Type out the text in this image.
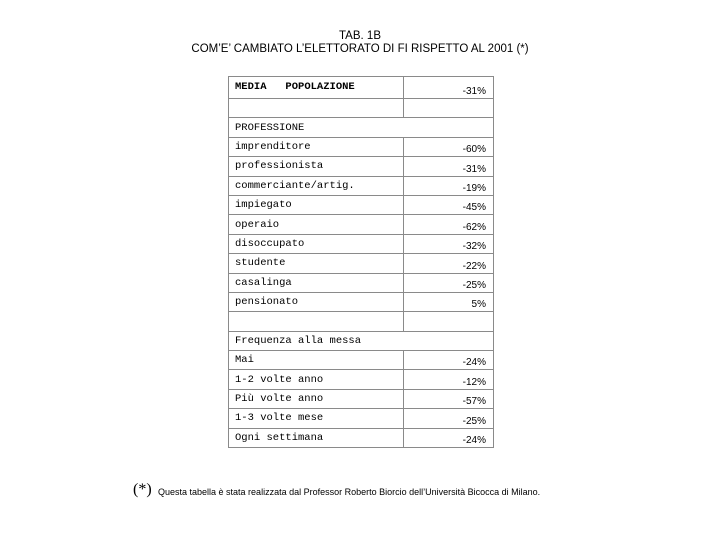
TAB. 1B
COM’E’ CAMBIATO L’ELETTORATO DI FI RISPETTO AL 2001 (*)
MEDIA POPOLAZIONE	-31%

PROFESSIONE	
imprenditore	-60%
professionista	-31%
commerciante/artig.	-19%
impiegato	-45%
operaio	-62%
disoccupato	-32%
studente	-22%
casalinga	-25%
pensionato	5%

Frequenza alla messa	
Mai	-24%
1-2 volte anno	-12%
Più volte anno	-57%
1-3 volte mese	-25%
Ogni settimana	-24%
(*) Questa tabella è stata realizzata dal Professor Roberto Biorcio dell’Università Bicocca di Milano.
